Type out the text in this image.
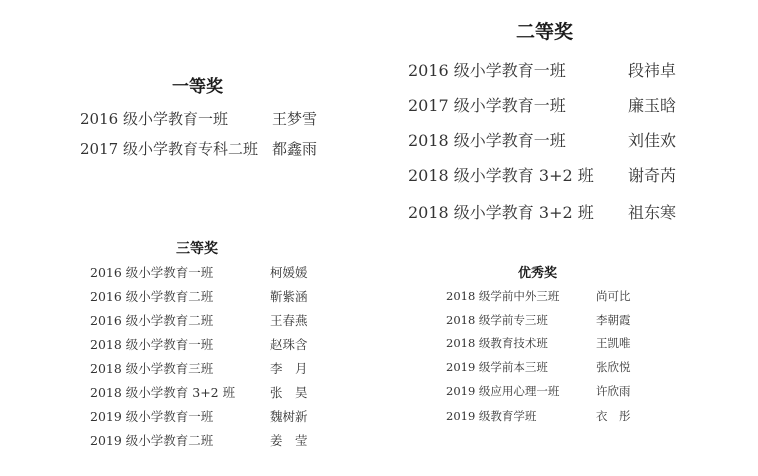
一等奖
2016 级小学教育一班	王梦雪
2017 级小学教育专科二班 都鑫雨
二等奖
2016 级小学教育一班	段祎卓
2017 级小学教育一班	廉玉晗
2018 级小学教育一班	刘佳欢
2018 级小学教育 3+2 班 谢奇芮
2018 级小学教育 3+2 班 祖东寒
三等奖
2016 级小学教育一班	柯媛媛
2016 级小学教育二班	靳紫涵
2016 级小学教育二班	王春燕
2018 级小学教育一班	赵珠含
2018 级小学教育三班	李　月
2018 级小学教育 3+2 班	张　昊
2019 级小学教育一班	魏树新
2019 级小学教育二班	姜　莹
优秀奖
2018 级学前中外三班	尚可比
2018 级学前专三班	李朝霞
2018 级教育技术班	王凯唯
2019 级学前本三班	张欣悦
2019 级应用心理一班	许欣雨
2019 级教育学班	衣　彤
